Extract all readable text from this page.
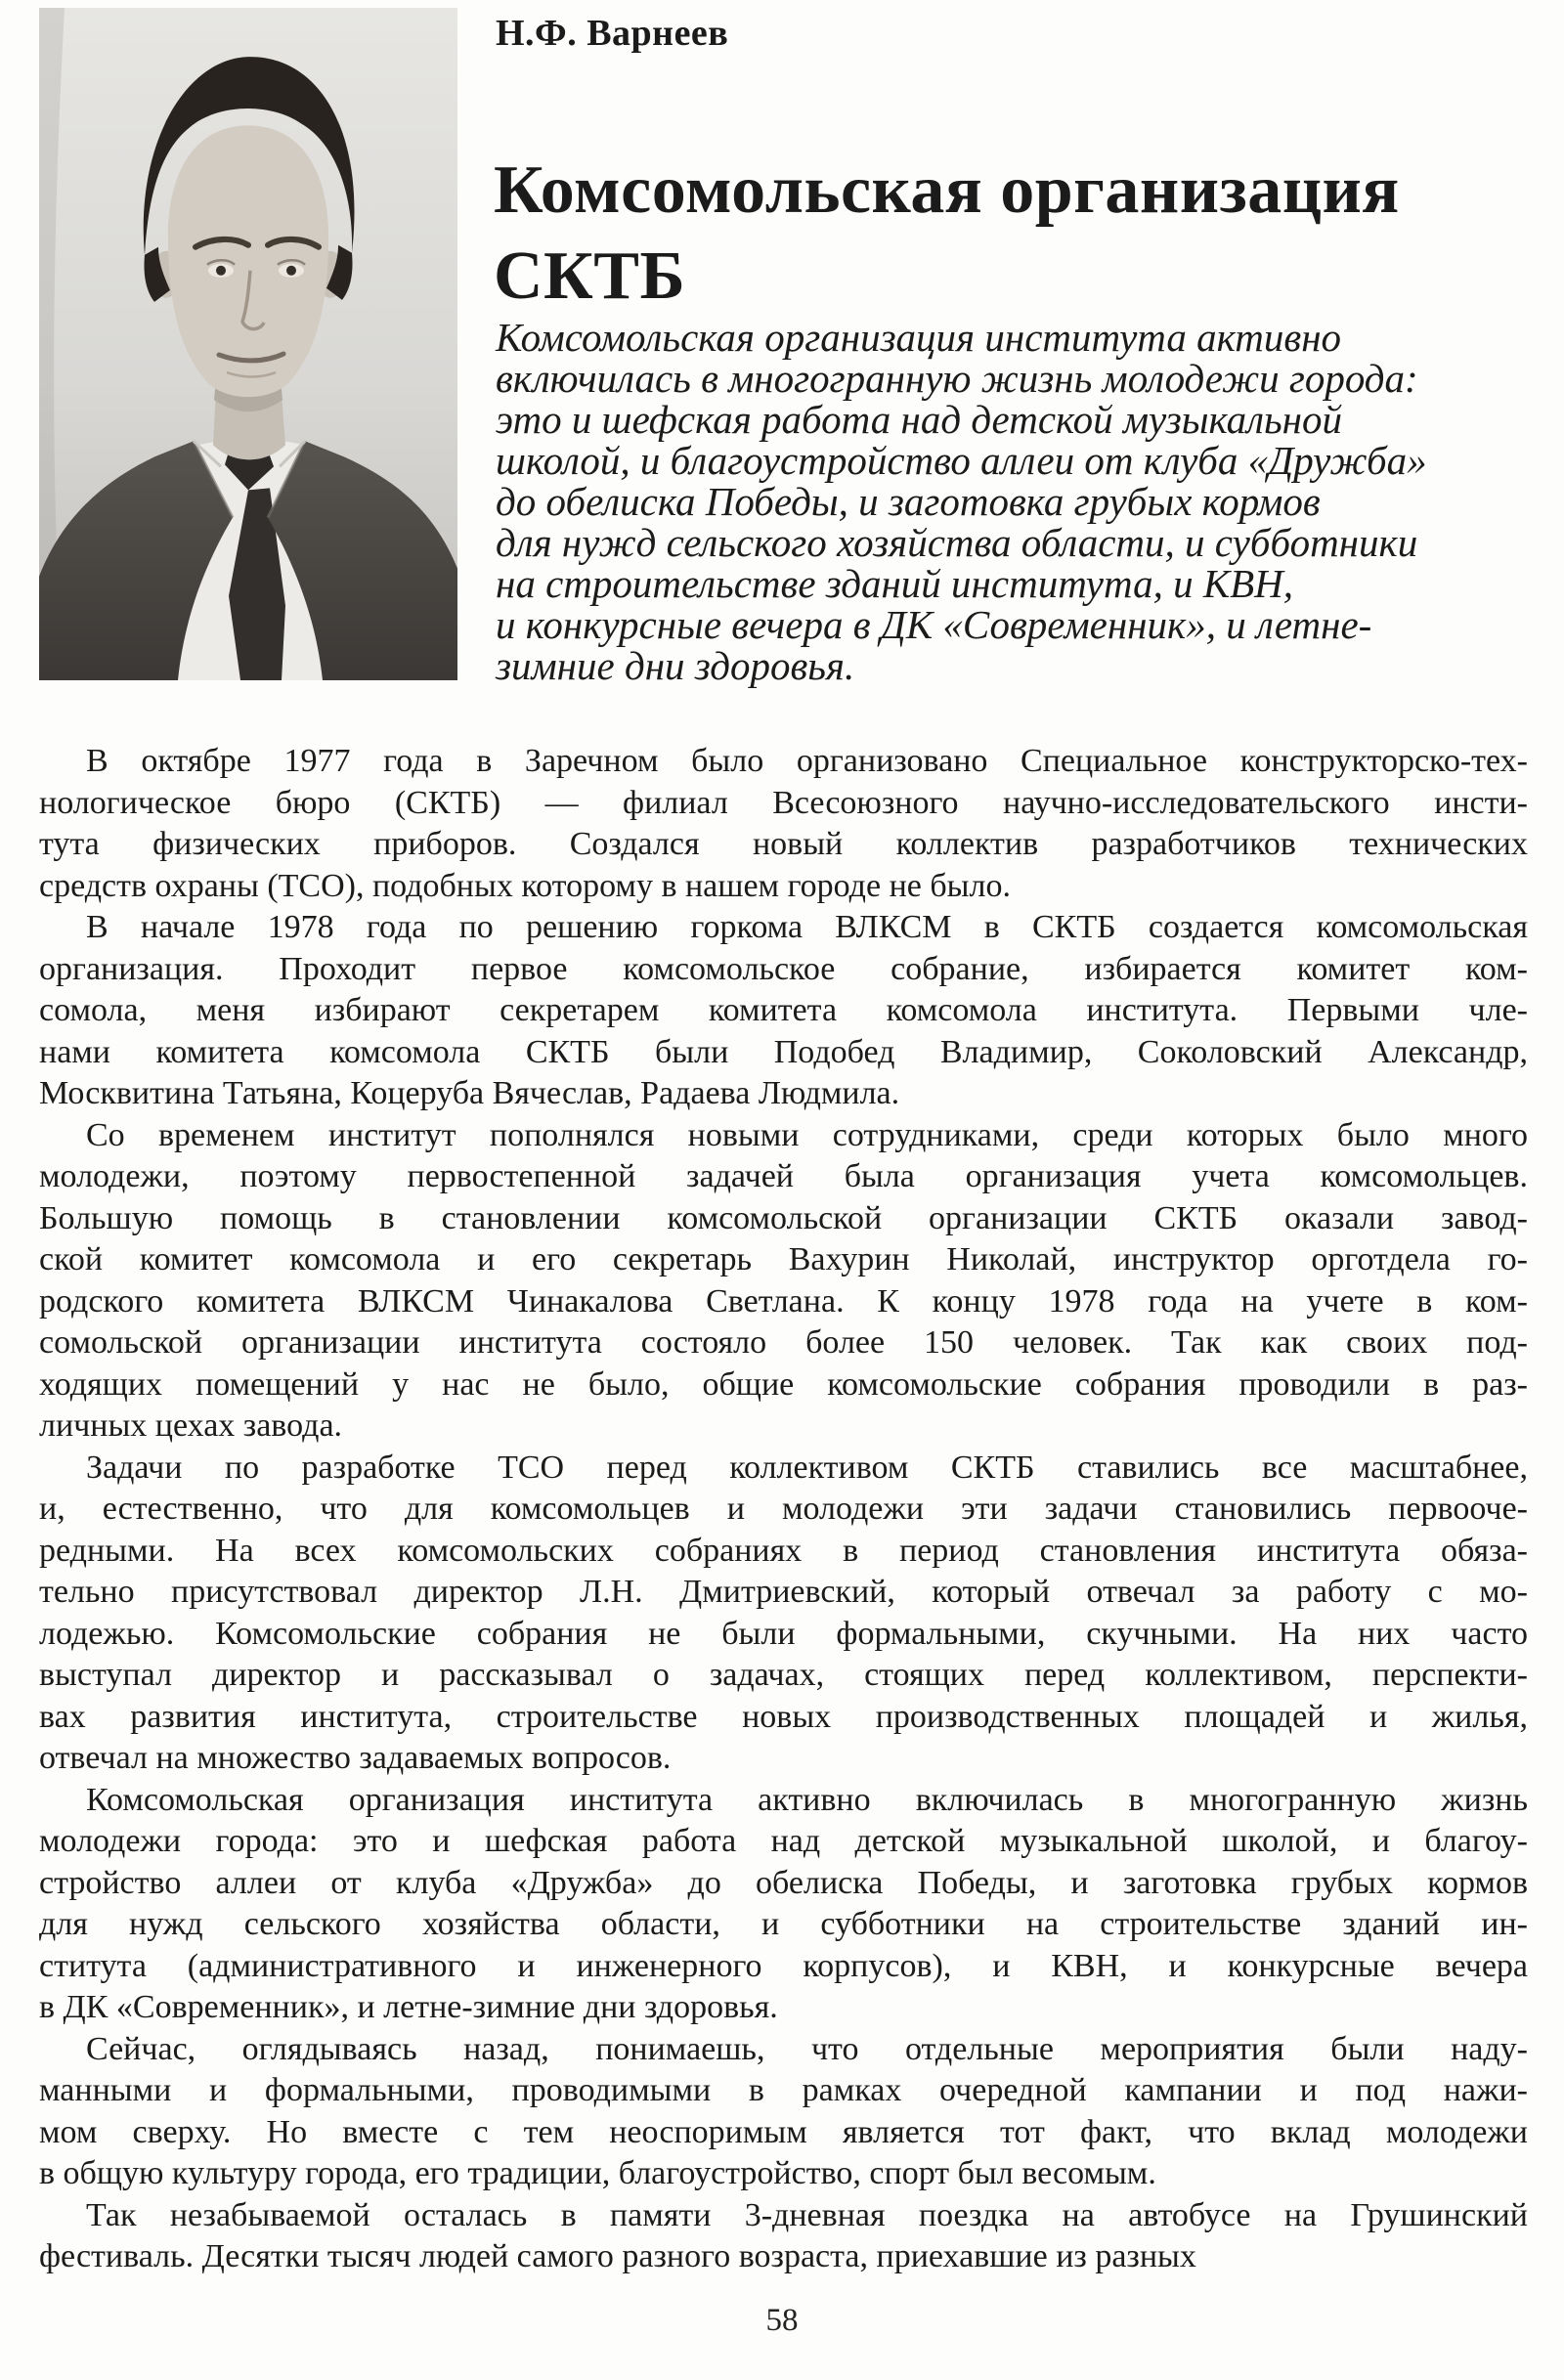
Н.Ф. Варнеев
Комсомольская организация
СКТБ
Комсомольская организация института активно
включилась в многогранную жизнь молодежи города:
это и шефская работа над детской музыкальной
школой, и благоустройство аллеи от клуба «Дружба»
до обелиска Победы, и заготовка грубых кормов
для нужд сельского хозяйства области, и субботники
на строительстве зданий института, и КВН,
и конкурсные вечера в ДК «Современник», и летне-
зимние дни здоровья.
В октябре 1977 года в Заречном было организовано Специальное конструкторско-тех-
нологическое бюро (СКТБ) — филиал Всесоюзного научно-исследовательского инсти-
тута физических приборов. Создался новый коллектив разработчиков технических
средств охраны (ТСО), подобных которому в нашем городе не было.
В начале 1978 года по решению горкома ВЛКСМ в СКТБ создается комсомольская
организация. Проходит первое комсомольское собрание, избирается комитет ком-
сомола, меня избирают секретарем комитета комсомола института. Первыми чле-
нами комитета комсомола СКТБ были Подобед Владимир, Соколовский Александр,
Москвитина Татьяна, Коцеруба Вячеслав, Радаева Людмила.
Со временем институт пополнялся новыми сотрудниками, среди которых было много
молодежи, поэтому первостепенной задачей была организация учета комсомольцев.
Большую помощь в становлении комсомольской организации СКТБ оказали завод-
ской комитет комсомола и его секретарь Вахурин Николай, инструктор орготдела го-
родского комитета ВЛКСМ Чинакалова Светлана. К концу 1978 года на учете в ком-
сомольской организации института состояло более 150 человек. Так как своих под-
ходящих помещений у нас не было, общие комсомольские собрания проводили в раз-
личных цехах завода.
Задачи по разработке ТСО перед коллективом СКТБ ставились все масштабнее,
и, естественно, что для комсомольцев и молодежи эти задачи становились первооче-
редными. На всех комсомольских собраниях в период становления института обяза-
тельно присутствовал директор Л.Н. Дмитриевский, который отвечал за работу с мо-
лодежью. Комсомольские собрания не были формальными, скучными. На них часто
выступал директор и рассказывал о задачах, стоящих перед коллективом, перспекти-
вах развития института, строительстве новых производственных площадей и жилья,
отвечал на множество задаваемых вопросов.
Комсомольская организация института активно включилась в многогранную жизнь
молодежи города: это и шефская работа над детской музыкальной школой, и благоу-
стройство аллеи от клуба «Дружба» до обелиска Победы, и заготовка грубых кормов
для нужд сельского хозяйства области, и субботники на строительстве зданий ин-
ститута (административного и инженерного корпусов), и КВН, и конкурсные вечера
в ДК «Современник», и летне-зимние дни здоровья.
Сейчас, оглядываясь назад, понимаешь, что отдельные мероприятия были наду-
манными и формальными, проводимыми в рамках очередной кампании и под нажи-
мом сверху. Но вместе с тем неоспоримым является тот факт, что вклад молодежи
в общую культуру города, его традиции, благоустройство, спорт был весомым.
Так незабываемой осталась в памяти 3-дневная поездка на автобусе на Грушинский
фестиваль. Десятки тысяч людей самого разного возраста, приехавшие из разных
58
